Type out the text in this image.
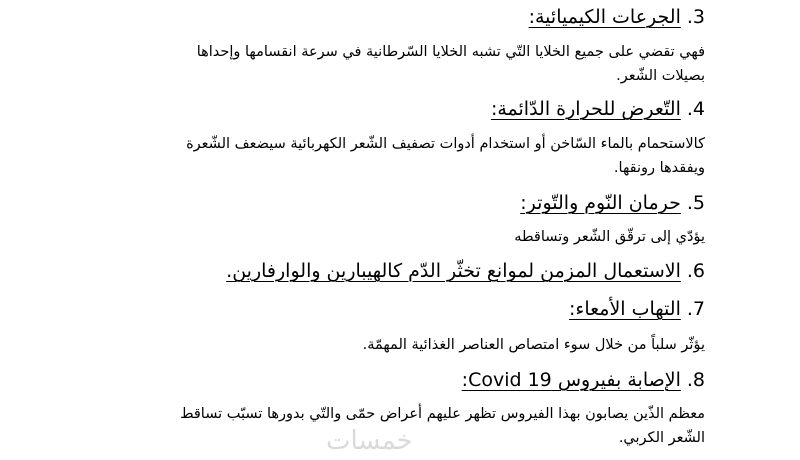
3.الجرعات الكيميائية:
فهي تقضي على جميع الخلايا التّي تشبه الخلايا السّرطانية في سرعة انقسامها وإحداها
بصيلات الشّعر.
4.التّعرض للحرارة الدّائمة:
كالاستحمام بالماء السّاخن أو استخدام أدوات تصفيف الشّعر الكهربائية سيضعف الشّعرة
ويفقدها رونقها.
5.حرمان النّوم والتّوتر:
يؤدّي إلى ترقّق الشّعر وتساقطه
6.الاستعمال المزمن لموانع تخثّر الدّم كالهيبارين والوارفارين.
7.التهاب الأمعاء:
يؤثّر سلباً من خلال سوء امتصاص العناصر الغذائية المهمّة.
8.الإصابة بفيروس Covid 19:
معظم الذّين يصابون بهذا الفيروس تظهر عليهم أعراض حمّى والتّي بدورها تسبّب تساقط
الشّعر الكربي.
خمسات
